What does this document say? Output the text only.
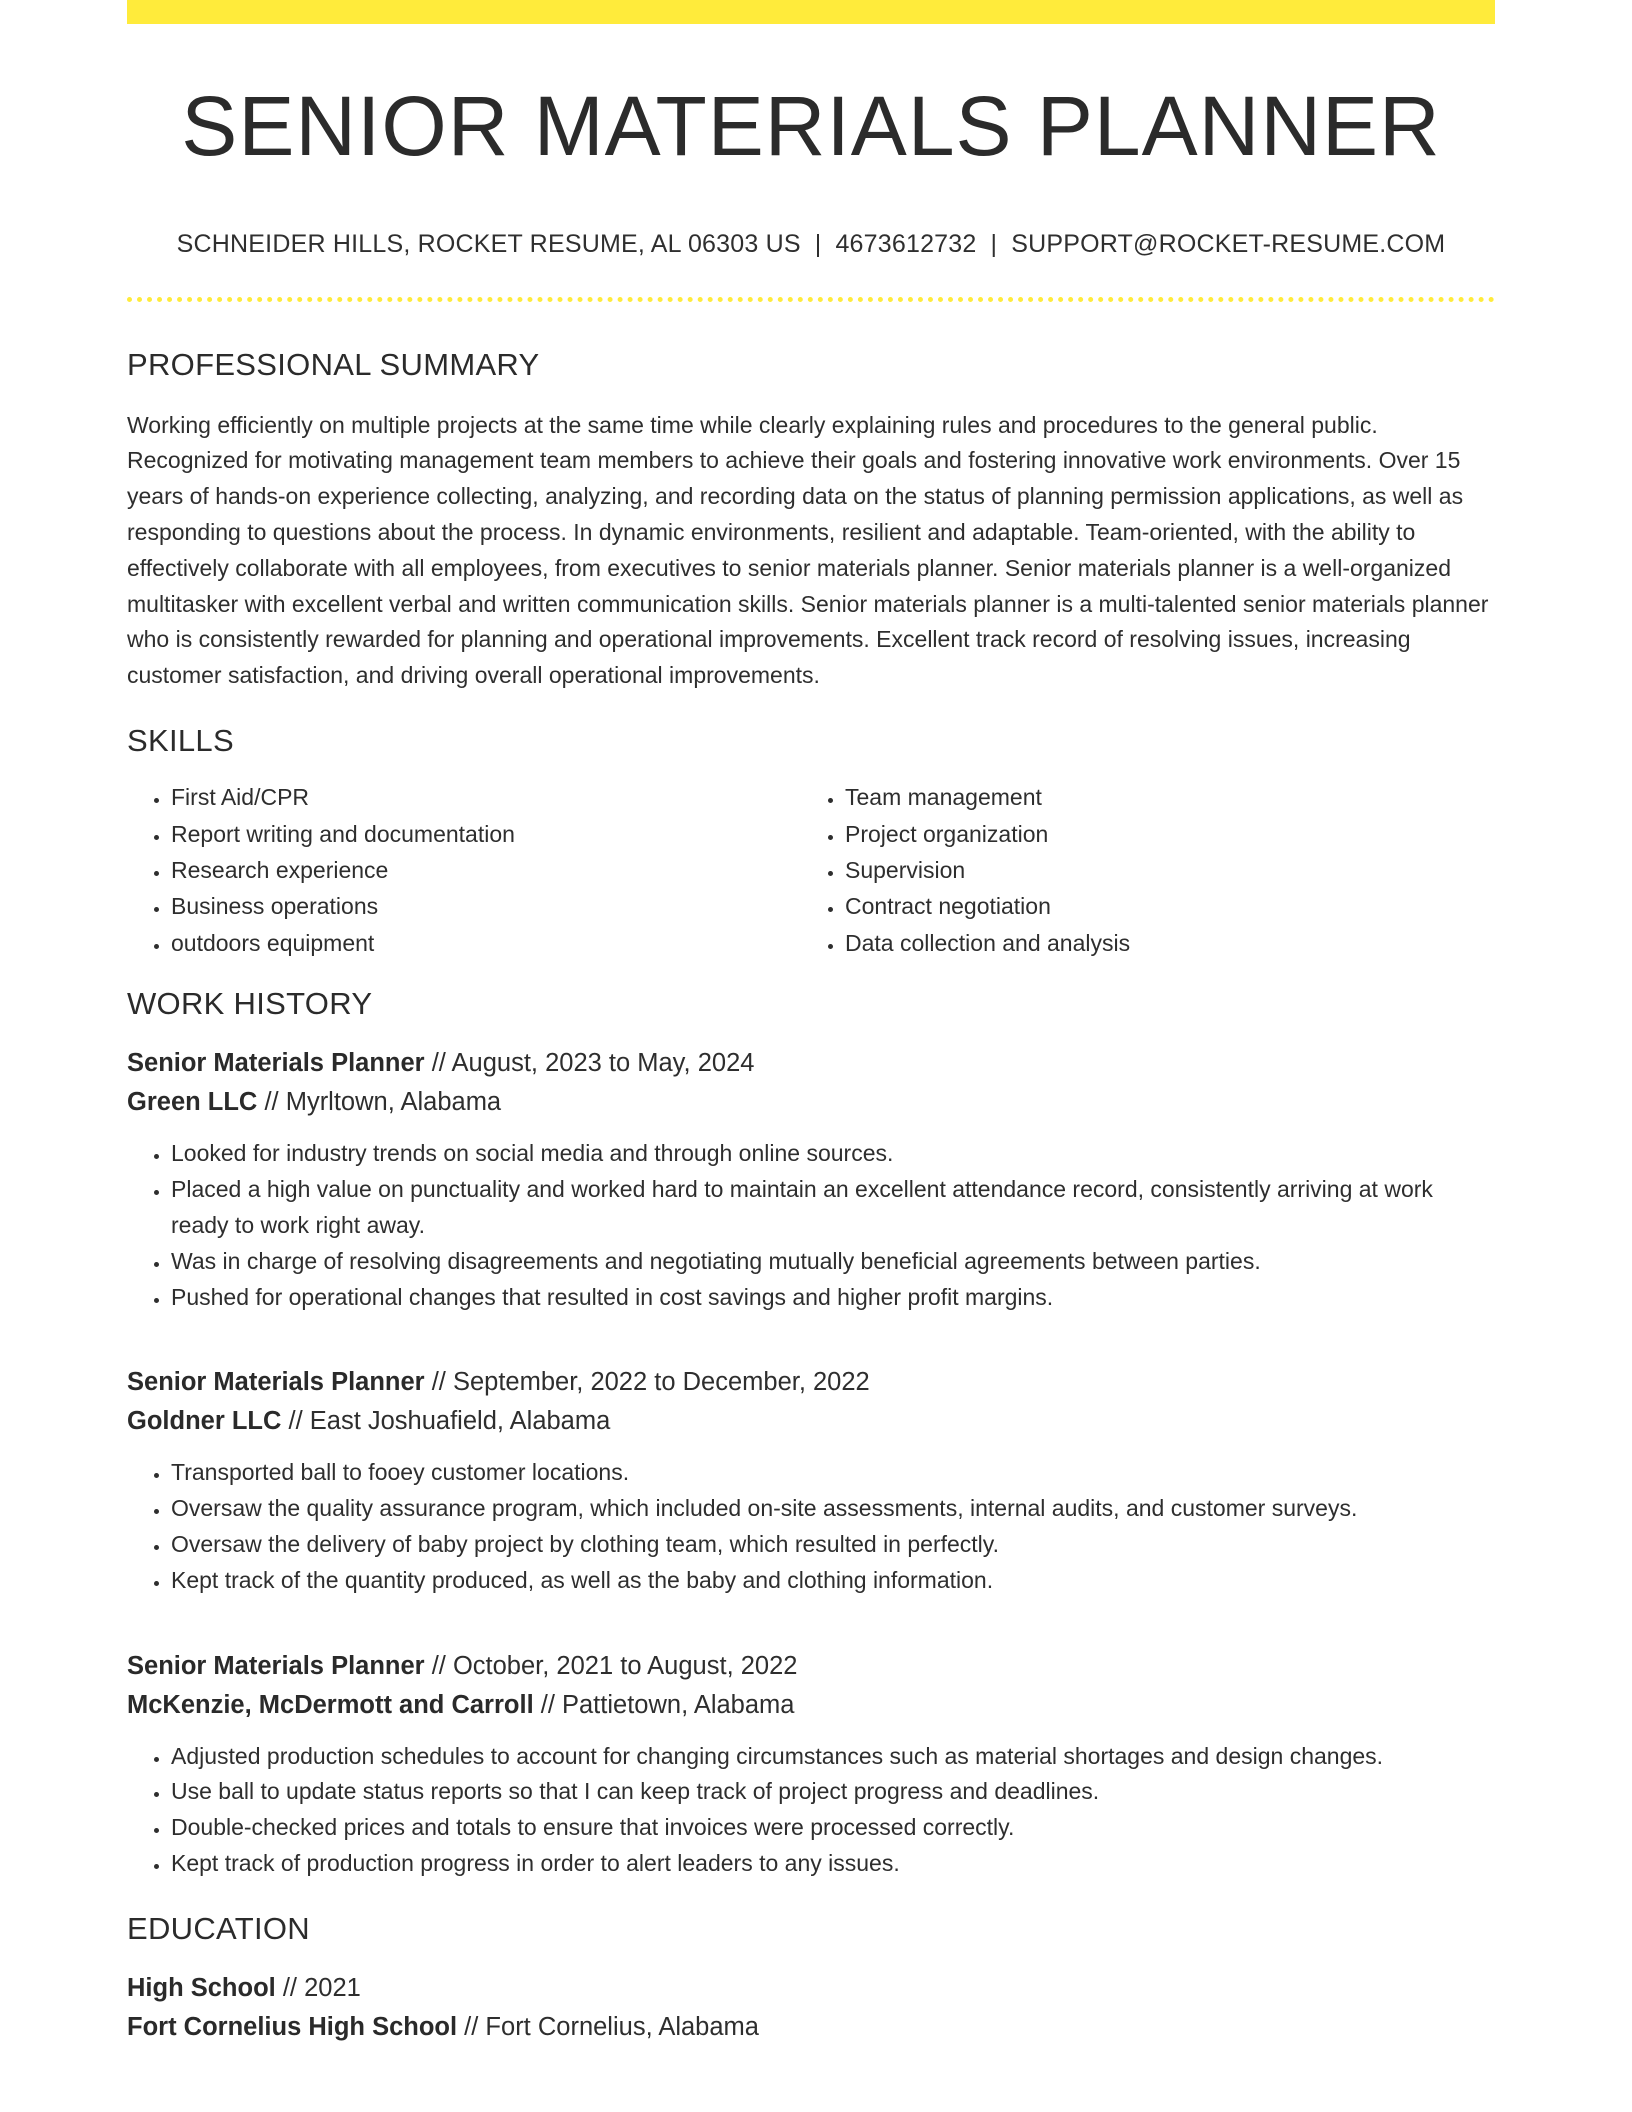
SENIOR MATERIALS PLANNER
SCHNEIDER HILLS, ROCKET RESUME, AL 06303 US | 4673612732 | SUPPORT@ROCKET-RESUME.COM
PROFESSIONAL SUMMARY
Working efficiently on multiple projects at the same time while clearly explaining rules and procedures to the general public. Recognized for motivating management team members to achieve their goals and fostering innovative work environments. Over 15 years of hands-on experience collecting, analyzing, and recording data on the status of planning permission applications, as well as responding to questions about the process. In dynamic environments, resilient and adaptable. Team-oriented, with the ability to effectively collaborate with all employees, from executives to senior materials planner. Senior materials planner is a well-organized multitasker with excellent verbal and written communication skills. Senior materials planner is a multi-talented senior materials planner who is consistently rewarded for planning and operational improvements. Excellent track record of resolving issues, increasing customer satisfaction, and driving overall operational improvements.
SKILLS
• First Aid/CPR
• Report writing and documentation
• Research experience
• Business operations
• outdoors equipment
• Team management
• Project organization
• Supervision
• Contract negotiation
• Data collection and analysis
WORK HISTORY
Senior Materials Planner // August, 2023 to May, 2024
Green LLC // Myrltown, Alabama
• Looked for industry trends on social media and through online sources.
• Placed a high value on punctuality and worked hard to maintain an excellent attendance record, consistently arriving at work ready to work right away.
• Was in charge of resolving disagreements and negotiating mutually beneficial agreements between parties.
• Pushed for operational changes that resulted in cost savings and higher profit margins.
Senior Materials Planner // September, 2022 to December, 2022
Goldner LLC // East Joshuafield, Alabama
• Transported ball to fooey customer locations.
• Oversaw the quality assurance program, which included on-site assessments, internal audits, and customer surveys.
• Oversaw the delivery of baby project by clothing team, which resulted in perfectly.
• Kept track of the quantity produced, as well as the baby and clothing information.
Senior Materials Planner // October, 2021 to August, 2022
McKenzie, McDermott and Carroll // Pattietown, Alabama
• Adjusted production schedules to account for changing circumstances such as material shortages and design changes.
• Use ball to update status reports so that I can keep track of project progress and deadlines.
• Double-checked prices and totals to ensure that invoices were processed correctly.
• Kept track of production progress in order to alert leaders to any issues.
EDUCATION
High School // 2021
Fort Cornelius High School // Fort Cornelius, Alabama
